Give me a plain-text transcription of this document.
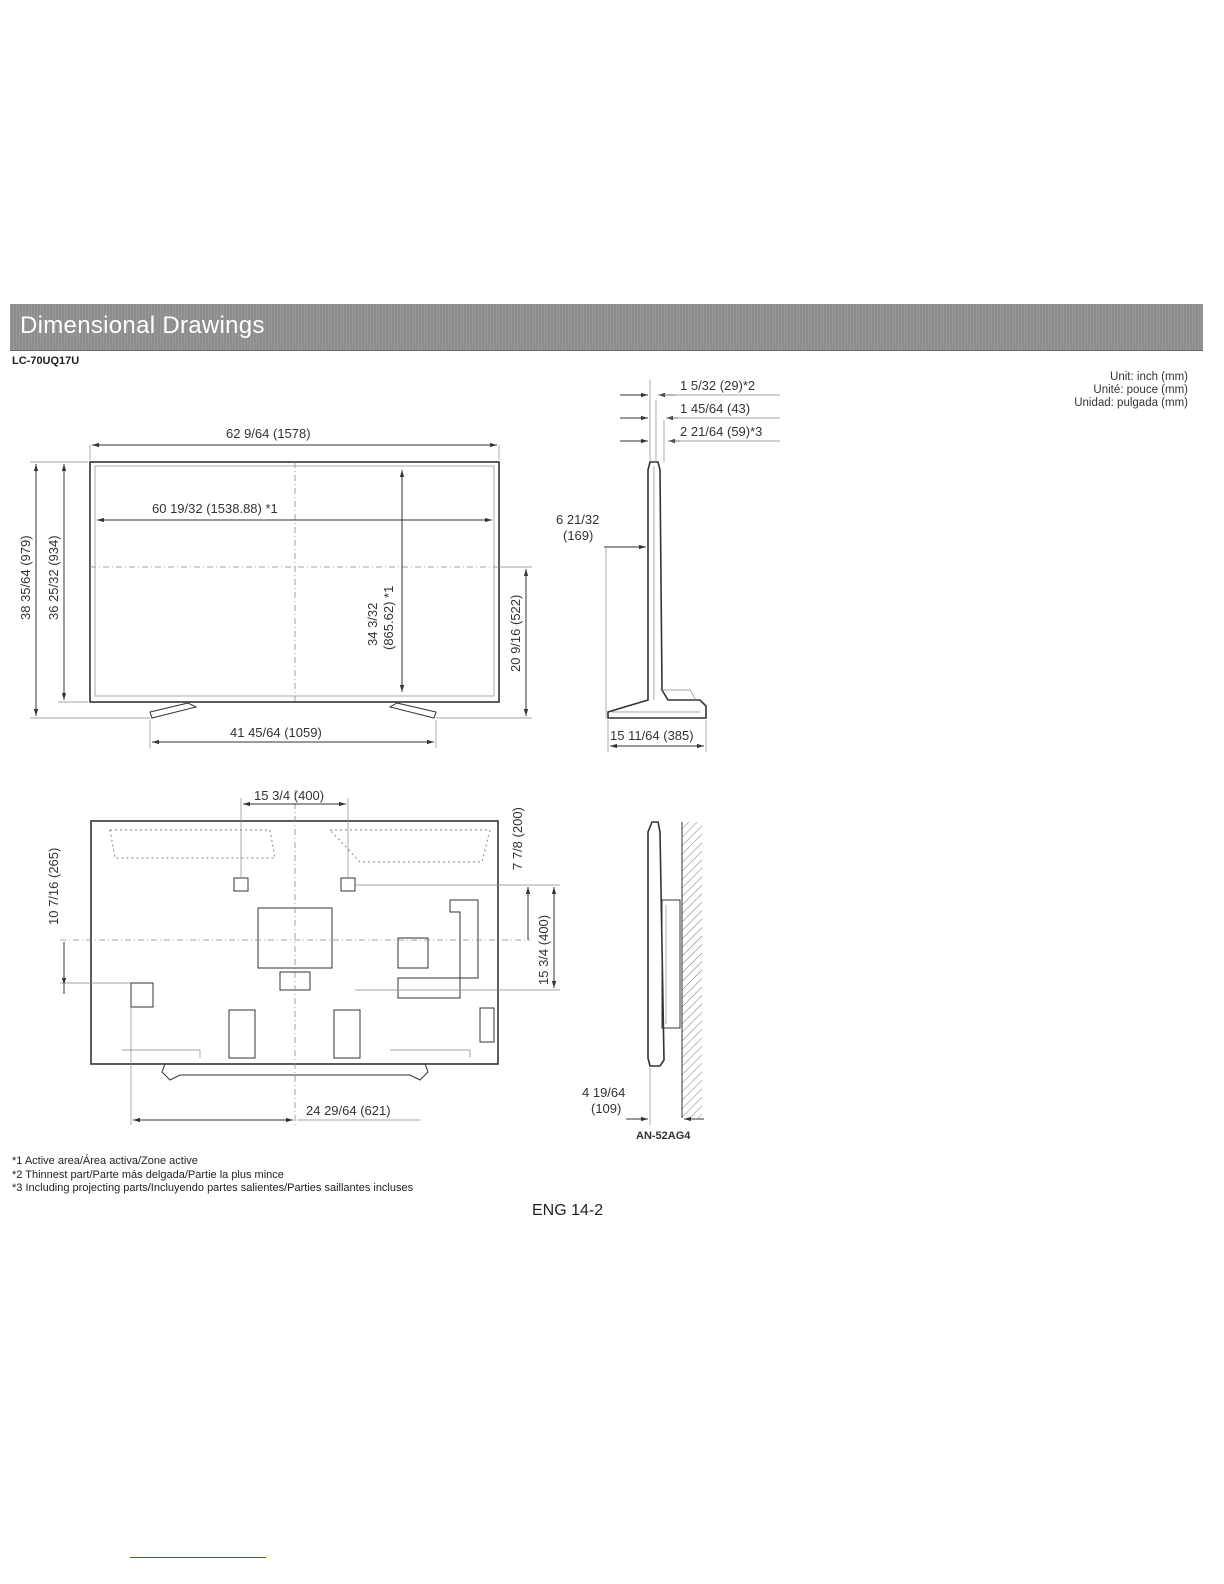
Dimensional Drawings
LC-70UQ17U
Unit: inch (mm)
Unité: pouce (mm)
Unidad: pulgada (mm)
62 9/64 (1578)
60 19/32 (1538.88) *1
38 35/64 (979) 36 25/32 (934)
34 3/32 (865.62) *1	20 9/16 (522)
41 45/64 (1059)
1 5/32 (29)*2
1 45/64 (43)
2 21/64 (59)*3
6 21/32
(169)
15 11/64 (385)
15 3/4 (400)
7 7/8 (200)
15 3/4 (400)
10 7/16 (265)
24 29/64 (621)
4 19/64
(109)
AN-52AG4
*1 Active area/Área activa/Zone active
*2 Thinnest part/Parte más delgada/Partie la plus mince
*3 Including projecting parts/Incluyendo partes salientes/Parties saillantes incluses
ENG 14-2
